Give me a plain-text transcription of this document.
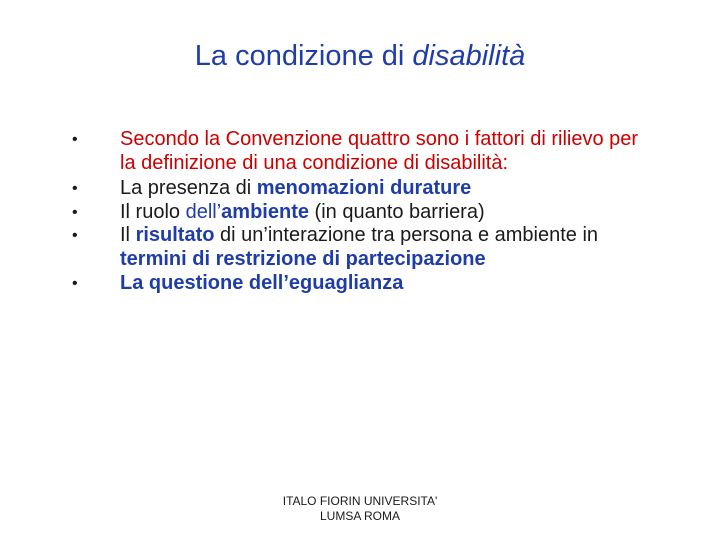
La condizione di disabilità
• Secondo la Convenzione quattro sono i fattori di rilievo per la definizione di una condizione di disabilità:
• La presenza di menomazioni durature
• Il ruolo dell’ambiente (in quanto barriera)
• Il risultato di un’interazione tra persona e ambiente in termini di restrizione di partecipazione
• La questione dell’eguaglianza
ITALO FIORIN UNIVERSITA'
LUMSA ROMA
